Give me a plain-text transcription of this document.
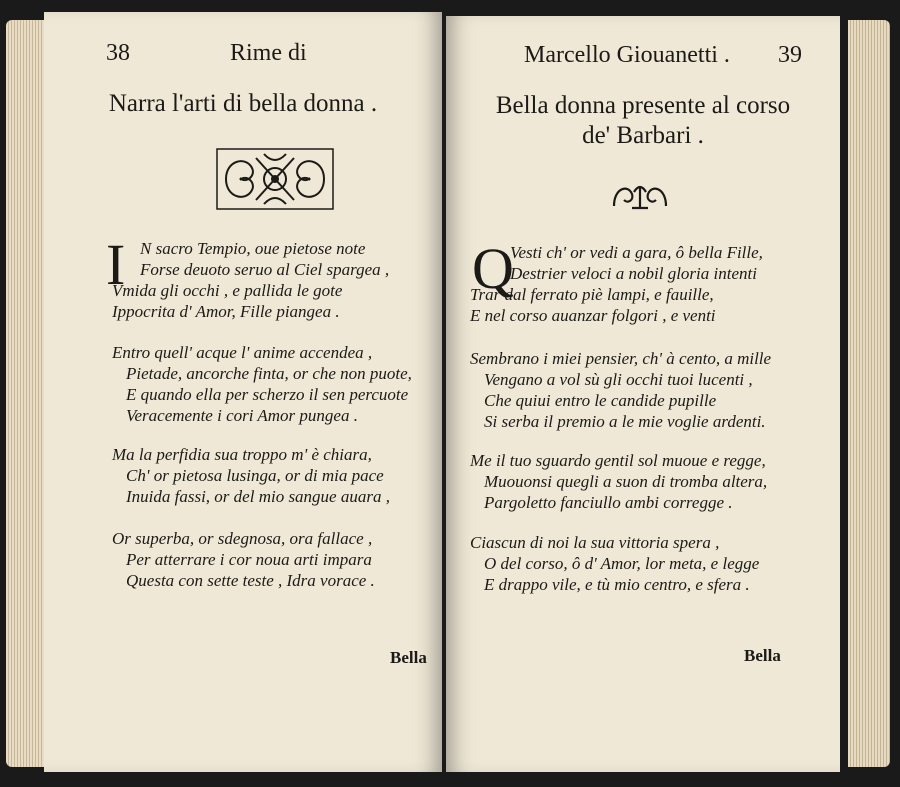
38	Rime di
Narra l'arti di bella donna .
I N sacro Tempio, oue pietose note
Forse deuoto seruo al Ciel spargea ,
Vmida gli occhi , e pallida le gote
Ippocrita d' Amor, Fille piangea .
Entro quell' acque l' anime accendea ,
Pietade, ancorche finta, or che non puote,
E quando ella per scherzo il sen percuote
Veracemente i cori Amor pungea .
Ma la perfidia sua troppo m' è chiara,
Ch' or pietosa lusinga, or di mia pace
Inuida fassi, or del mio sangue auara ,
Or superba, or sdegnosa, ora fallace ,
Per atterrare i cor noua arti impara
Questa con sette teste , Idra vorace .
Bella
Marcello Giouanetti . 39
Bella donna presente al corso
de' Barbari .
Q
Vesti ch' or vedi a gara, ô bella Fille,
Destrier veloci a nobil gloria intenti
Trar dal ferrato piè lampi, e fauille,
E nel corso auanzar folgori , e venti
Sembrano i miei pensier, ch' à cento, a mille
Vengano a vol sù gli occhi tuoi lucenti ,
Che quiui entro le candide pupille
Si serba il premio a le mie voglie ardenti.
Me il tuo sguardo gentil sol muoue e regge,
Muouonsi quegli a suon di tromba altera,
Pargoletto fanciullo ambi corregge .
Ciascun di noi la sua vittoria spera ,
O del corso, ô d' Amor, lor meta, e legge
E drappo vile, e tù mio centro, e sfera .
Bella
